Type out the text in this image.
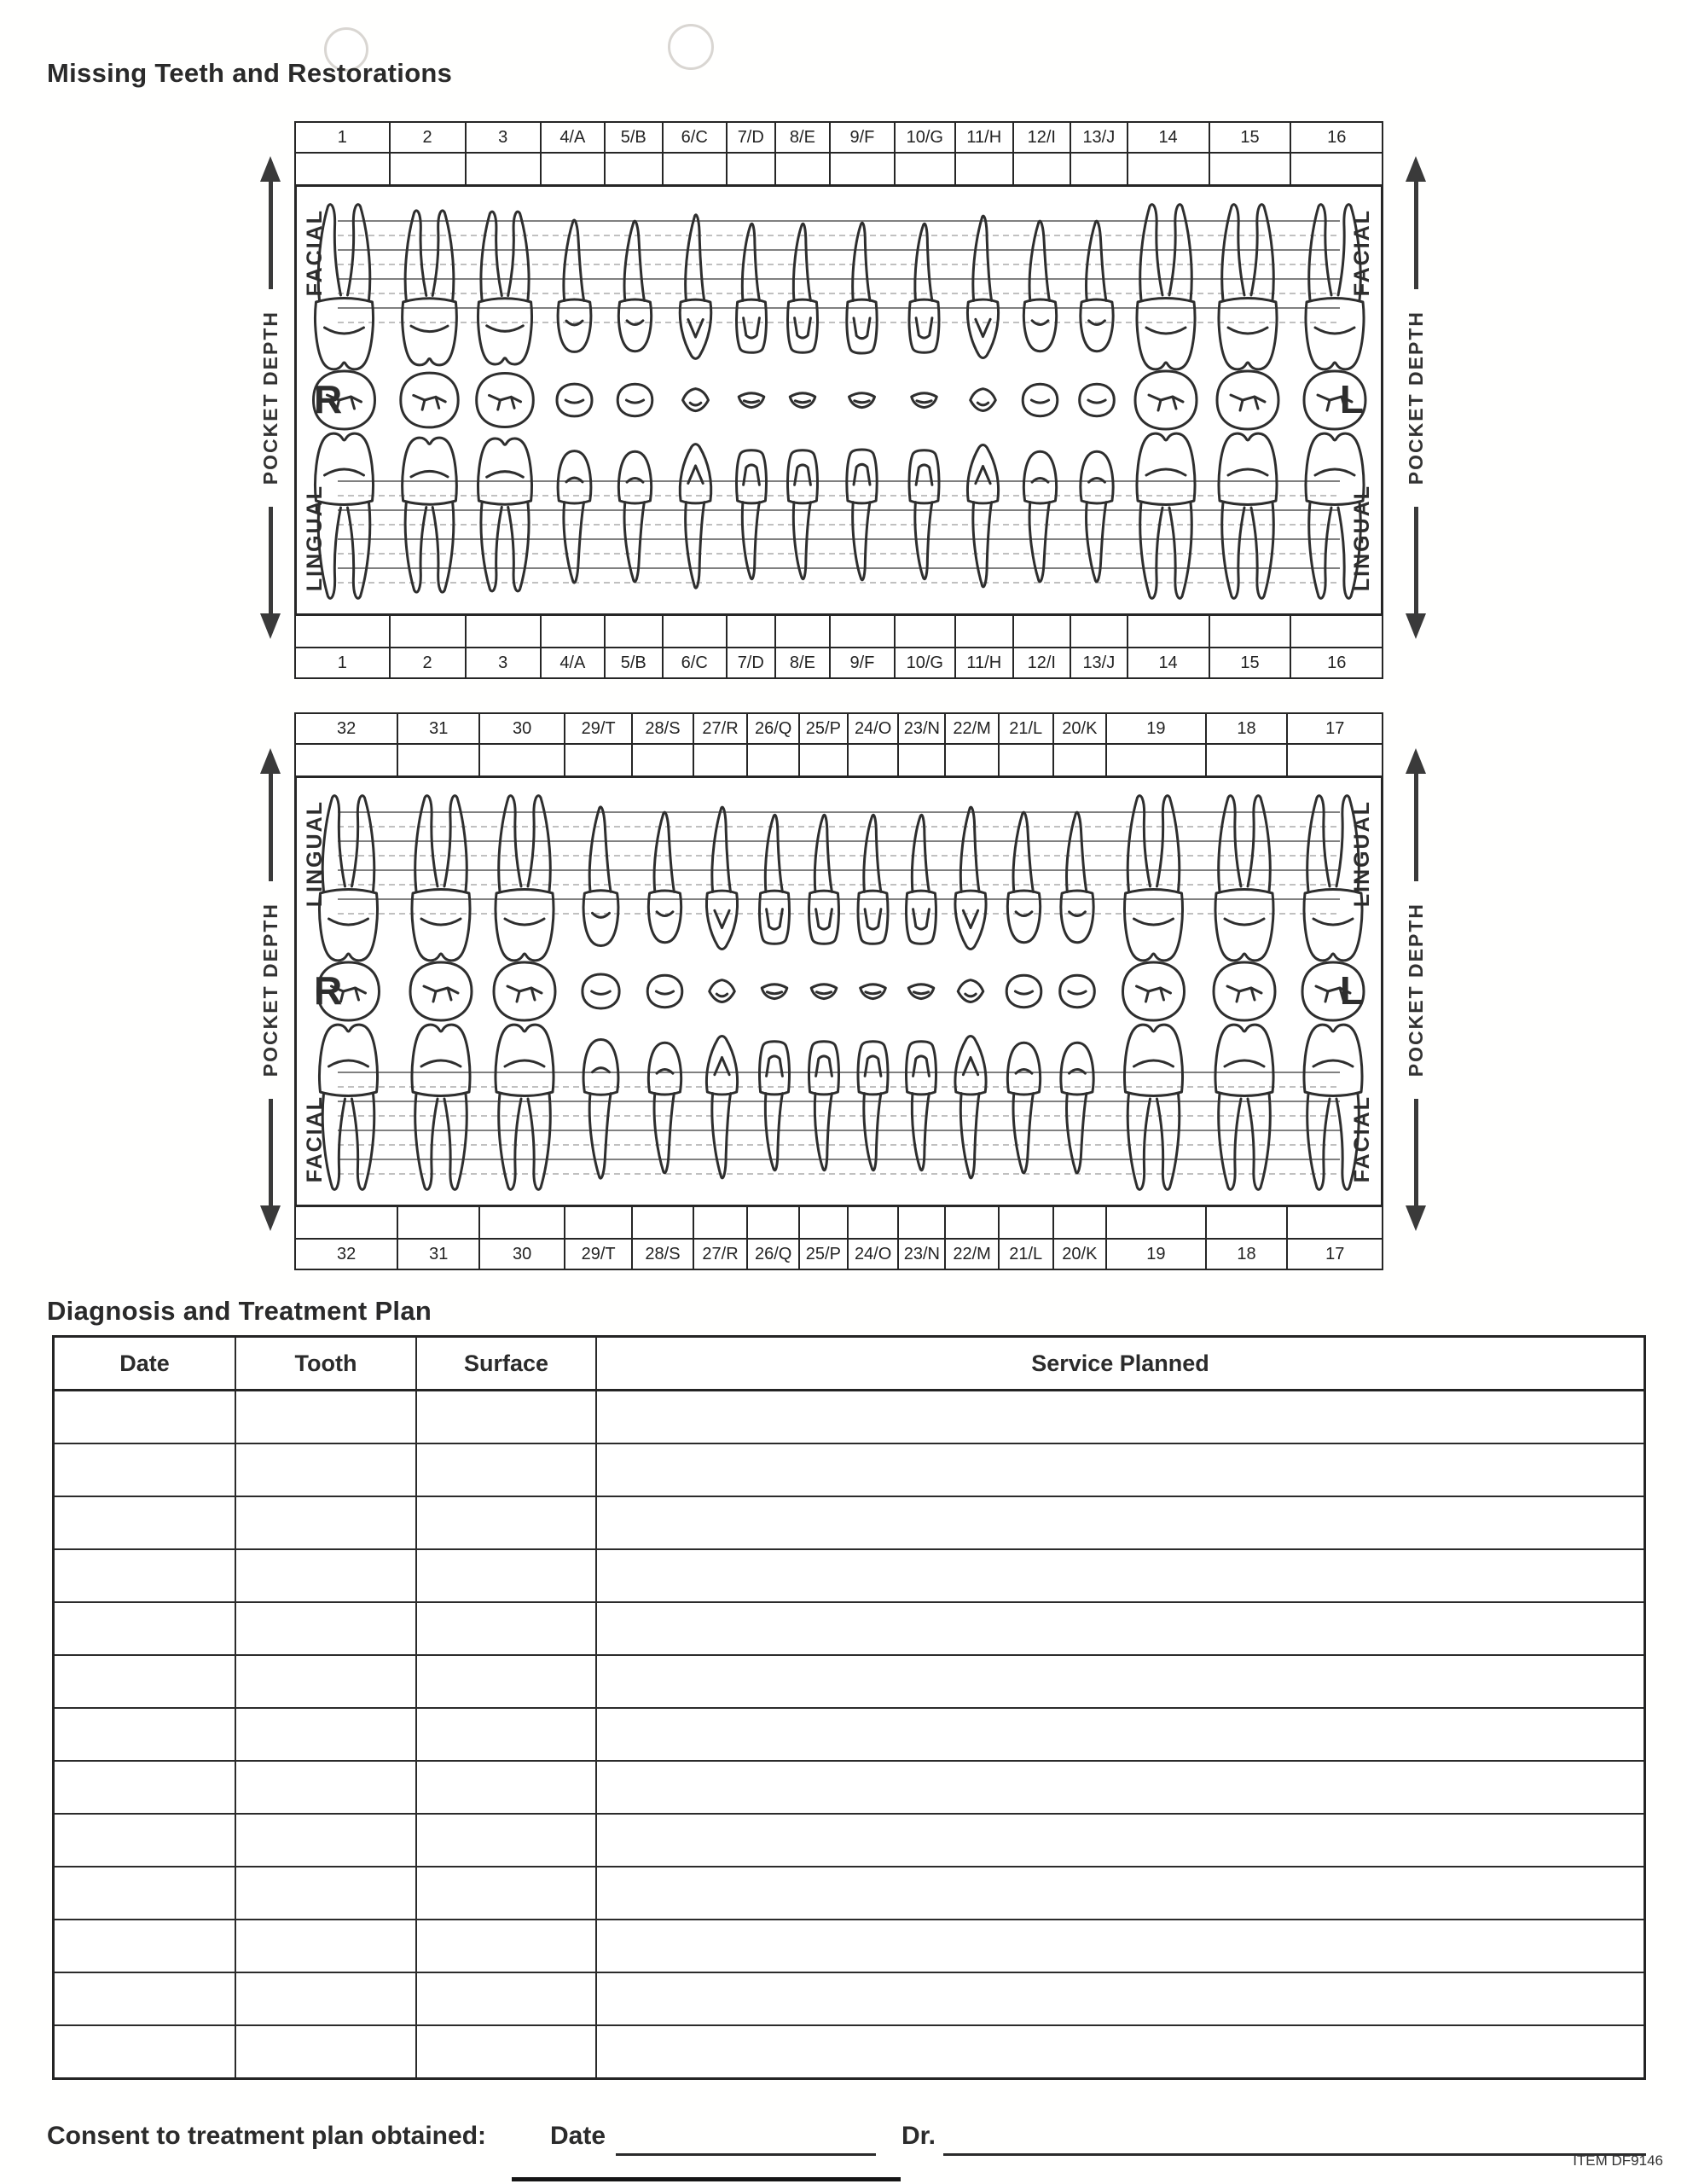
Missing Teeth and Restorations
1	2	3	4/A	5/B	6/C	7/D	8/E	9/F	10/G	11/H	12/I	13/J	14	15	16
FACIAL
R
LINGUAL
FACIAL
L
LINGUAL
1	2	3	4/A	5/B	6/C	7/D	8/E	9/F	10/G	11/H	12/I	13/J	14	15	16
POCKET DEPTH	POCKET DEPTH
32	31	30	29/T	28/S	27/R 26/Q 25/P 24/O 23/N 22/M	21/L	20/K	19	18	17
LINGUAL
R
FACIAL
LINGUAL
L
FACIAL
32	31	30	29/T	28/S	27/R 26/Q 25/P 24/O 23/N 22/M	21/L	20/K	19	18	17
POCKET DEPTH	POCKET DEPTH
Diagnosis and Treatment Plan
Date	Tooth	Surface	Service Planned
Consent to treatment plan obtained: Date	Dr.
ITEM DF9146
